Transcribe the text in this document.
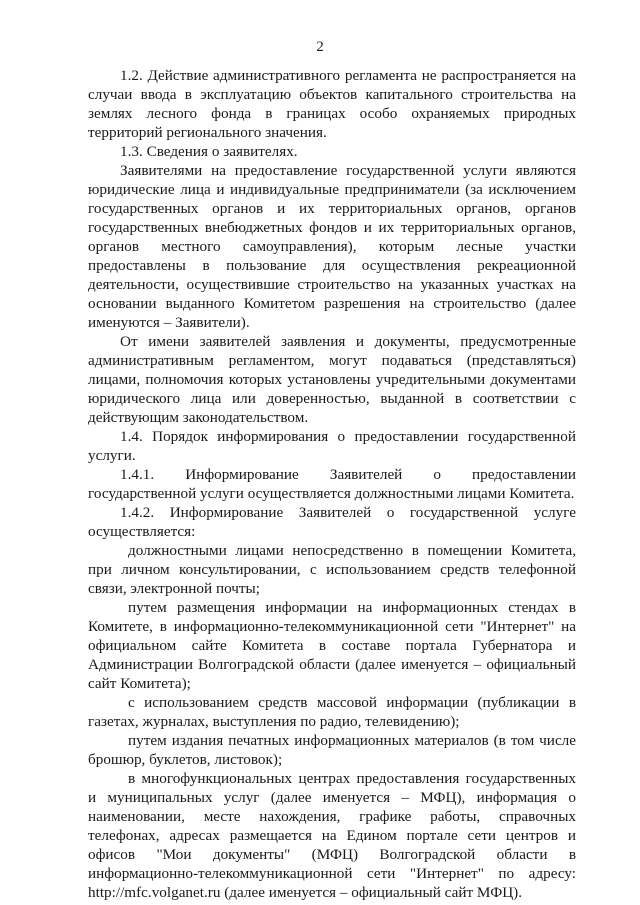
2

1.2. Действие административного регламента не распространяется на случаи ввода в эксплуатацию объектов капитального строительства на землях лесного фонда в границах особо охраняемых природных территорий регионального значения.

1.3. Сведения о заявителях.

Заявителями на предоставление государственной услуги являются юридические лица и индивидуальные предприниматели (за исключением государственных органов и их территориальных органов, органов государственных внебюджетных фондов и их территориальных органов, органов местного самоуправления), которым лесные участки предоставлены в пользование для осуществления рекреационной деятельности, осуществившие строительство на указанных участках на основании выданного Комитетом разрешения на строительство (далее именуются – Заявители).

От имени заявителей заявления и документы, предусмотренные административным регламентом, могут подаваться (представляться) лицами, полномочия которых установлены учредительными документами юридического лица или доверенностью, выданной в соответствии с действующим законодательством.

1.4. Порядок информирования о предоставлении государственной услуги.

1.4.1. Информирование Заявителей о предоставлении государственной услуги осуществляется должностными лицами Комитета.

1.4.2. Информирование Заявителей о государственной услуге осуществляется:

должностными лицами непосредственно в помещении Комитета, при личном консультировании, с использованием средств телефонной связи, электронной почты;

путем размещения информации на информационных стендах в Комитете, в информационно-телекоммуникационной сети "Интернет" на официальном сайте Комитета в составе портала Губернатора и Администрации Волгоградской области (далее именуется – официальный сайт Комитета);

с использованием средств массовой информации (публикации в газетах, журналах, выступления по радио, телевидению);

путем издания печатных информационных материалов (в том числе брошюр, буклетов, листовок);

в многофункциональных центрах предоставления государственных и муниципальных услуг (далее именуется – МФЦ), информация о наименовании, месте нахождения, графике работы, справочных телефонах, адресах размещается на Едином портале сети центров и офисов "Мои документы" (МФЦ) Волгоградской области в информационно-телекоммуникационной сети "Интернет" по адресу: http://mfc.volganet.ru (далее именуется – официальный сайт МФЦ).
